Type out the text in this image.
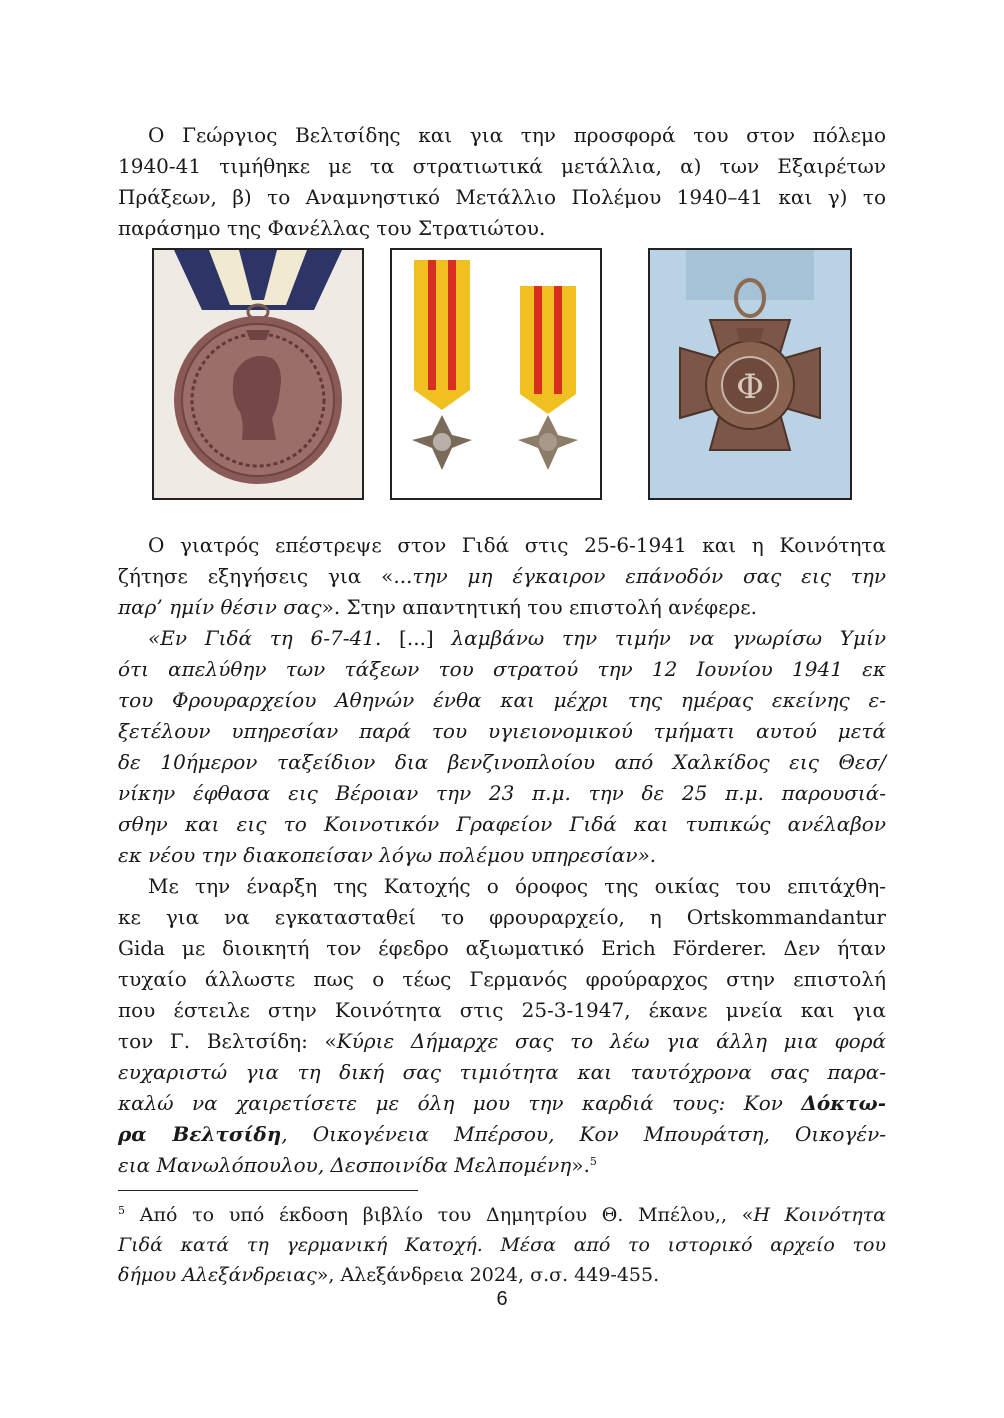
Ο Γεώργιος Βελτσίδης και για την προσφορά του στον πόλεμο
1940-41 τιμήθηκε με τα στρατιωτικά μετάλλια, α) των Εξαιρέτων
Πράξεων, β) το Αναμνηστικό Μετάλλιο Πολέμου 1940–41 και γ) το
παράσημο της Φανέλλας του Στρατιώτου.
Φ
Ο γιατρός επέστρεψε στον Γιδά στις 25-6-1941 και η Κοινότητα
ζήτησε εξηγήσεις για «...την μη έγκαιρον επάνοδόν σας εις την
παρ’ ημίν θέσιν σας». Στην απαντητική του επιστολή ανέφερε.
«Εν Γιδά τη 6-7-41. [...] λαμβάνω την τιμήν να γνωρίσω Υμίν
ότι απελύθην των τάξεων του στρατού την 12 Ιουνίου 1941 εκ
του Φρουραρχείου Αθηνών ένθα και μέχρι της ημέρας εκείνης ε-
ξετέλουν υπηρεσίαν παρά του υγιειονομικού τμήματι αυτού μετά
δε 10ήμερον ταξείδιον δια βενζινοπλοίου από Χαλκίδος εις Θεσ/
νίκην έφθασα εις Βέροιαν την 23 π.μ. την δε 25 π.μ. παρουσιά-
σθην και εις το Κοινοτικόν Γραφείον Γιδά και τυπικώς ανέλαβον
εκ νέου την διακοπείσαν λόγω πολέμου υπηρεσίαν».
Με την έναρξη της Κατοχής ο όροφος της οικίας του επιτάχθη-
κε για να εγκατασταθεί το φρουραρχείο, η Ortskommandantur
Gida με διοικητή τον έφεδρο αξιωματικό Erich Förderer. Δεν ήταν
τυχαίο άλλωστε πως ο τέως Γερμανός φρούραρχος στην επιστολή
που έστειλε στην Κοινότητα στις 25-3-1947, έκανε μνεία και για
τον Γ. Βελτσίδη: «Κύριε Δήμαρχε σας το λέω για άλλη μια φορά
ευχαριστώ για τη δική σας τιμιότητα και ταυτόχρονα σας παρα-
καλώ να χαιρετίσετε με όλη μου την καρδιά τους: Κον Δόκτω-
ρα Βελτσίδη, Οικογένεια Μπέρσου, Κον Μπουράτση, Οικογέν-
εια Μανωλόπουλου, Δεσποινίδα Μελπομένη».$^5$
$^5$ Από το υπό έκδοση βιβλίο του Δημητρίου Θ. Μπέλου,, «Η Κοινότητα
Γιδά κατά τη γερμανική Κατοχή. Μέσα από το ιστορικό αρχείο του
δήμου Αλεξάνδρειας», Αλεξάνδρεια 2024, σ.σ. 449-455.
6
